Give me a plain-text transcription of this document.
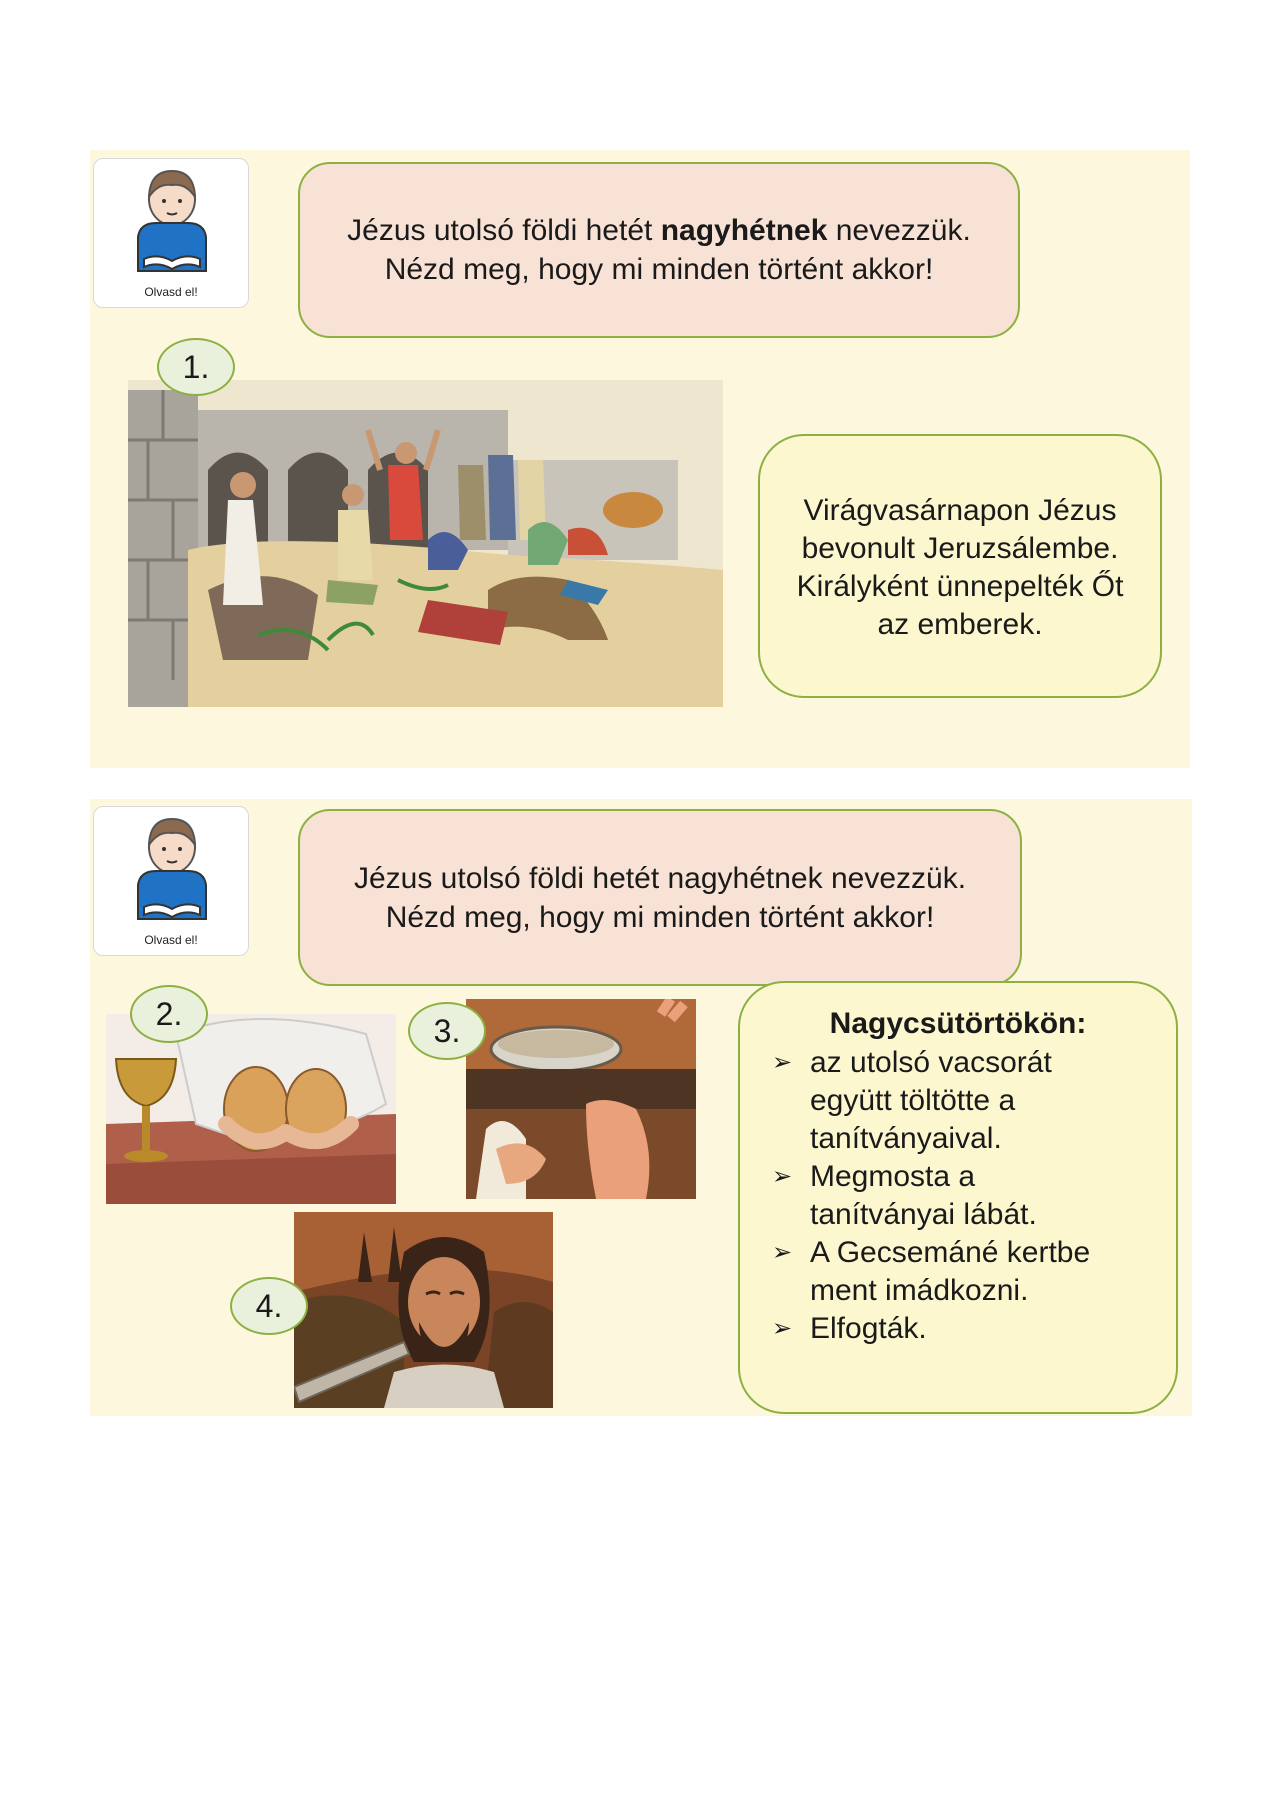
Olvasd el!
Jézus utolsó földi hetét nagyhétnek nevezzük.
Nézd meg, hogy mi minden történt akkor!
1.
Virágvasárnapon Jézus
bevonult Jeruzsálembe.
Királyként ünnepelték Őt
az emberek.
Olvasd el!
Jézus utolsó földi hetét nagyhétnek nevezzük.
Nézd meg, hogy mi minden történt akkor!
2.	3.
4.
Nagycsütörtökön:
➢ az utolsó vacsorát
együtt töltötte a
tanítványaival.
➢ Megmosta a
tanítványai lábát.
➢ A Gecsemáné kertbe
ment imádkozni.
➢ Elfogták.
